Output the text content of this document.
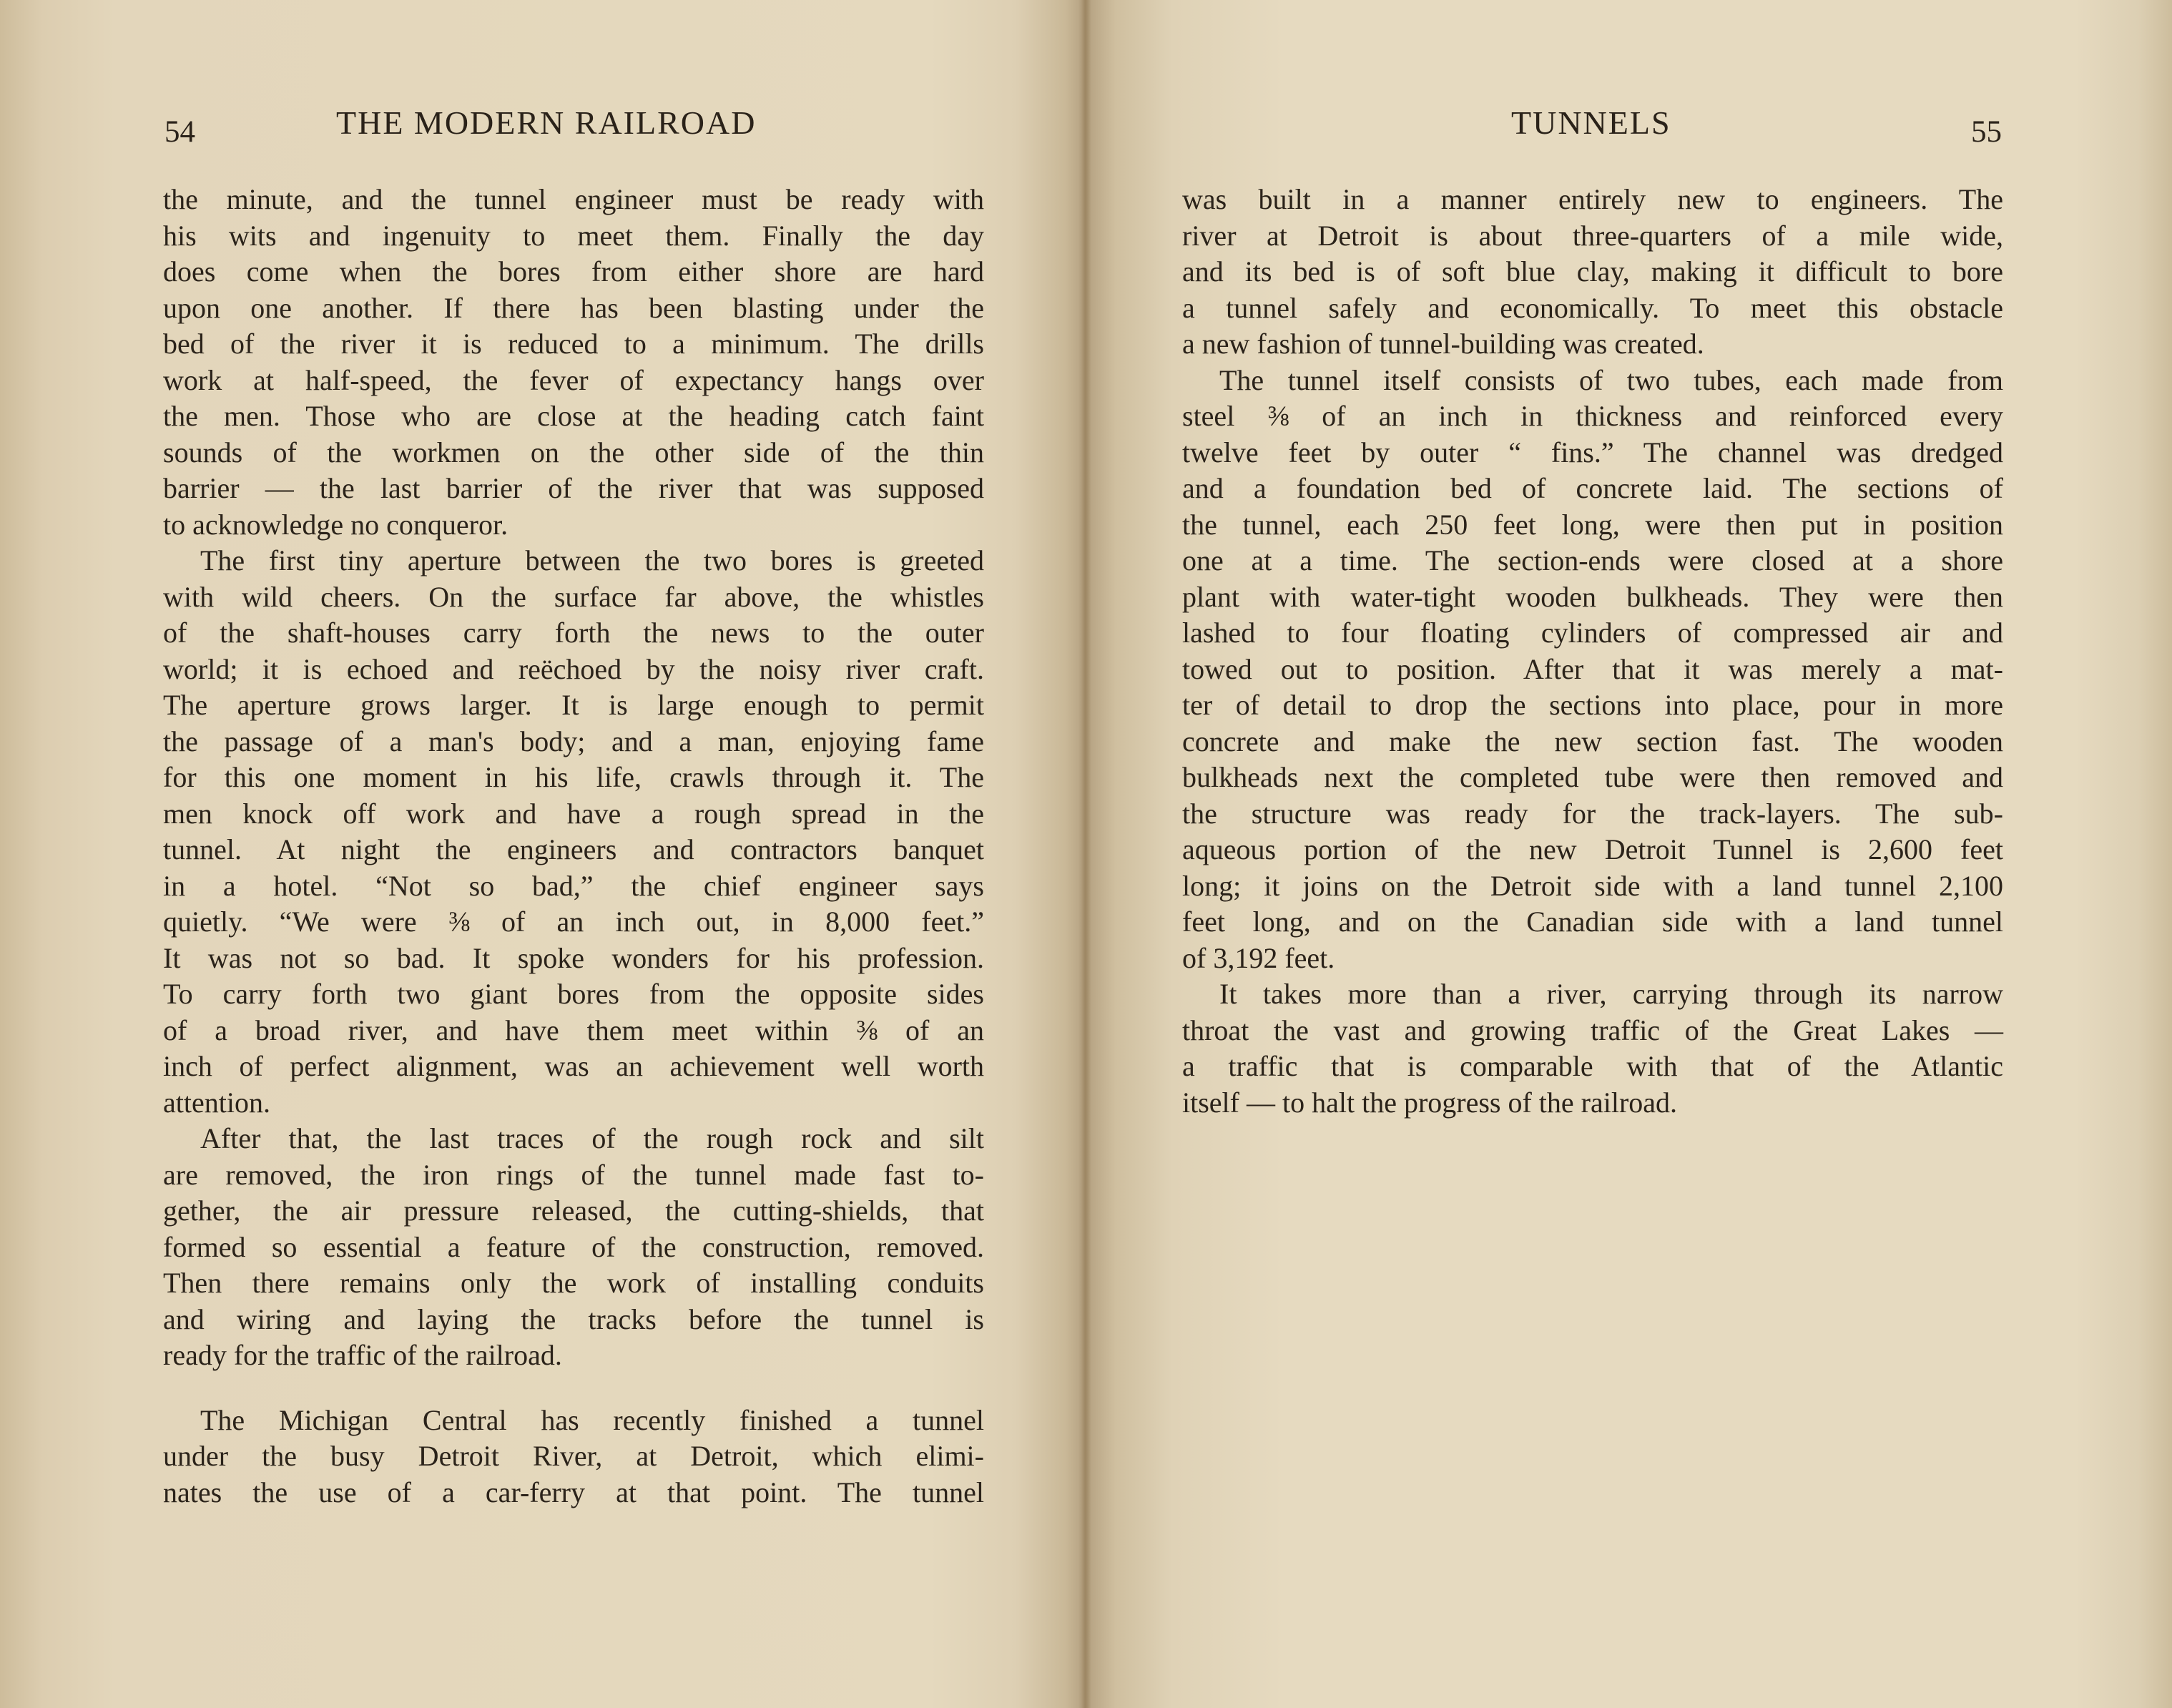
54	THE MODERN RAILROAD
the minute, and the tunnel engineer must be ready with
his wits and ingenuity to meet them. Finally the day
does come when the bores from either shore are hard
upon one another. If there has been blasting under the
bed of the river it is reduced to a minimum. The drills
work at half-speed, the fever of expectancy hangs over
the men. Those who are close at the heading catch faint
sounds of the workmen on the other side of the thin
barrier — the last barrier of the river that was supposed
to acknowledge no conqueror.
The first tiny aperture between the two bores is greeted
with wild cheers. On the surface far above, the whistles
of the shaft-houses carry forth the news to the outer
world; it is echoed and reëchoed by the noisy river craft.
The aperture grows larger. It is large enough to permit
the passage of a man's body; and a man, enjoying fame
for this one moment in his life, crawls through it. The
men knock off work and have a rough spread in the
tunnel. At night the engineers and contractors banquet
in a hotel. “Not so bad,” the chief engineer says
quietly. “We were ⅜ of an inch out, in 8,000 feet.”
It was not so bad. It spoke wonders for his profession.
To carry forth two giant bores from the opposite sides
of a broad river, and have them meet within ⅜ of an
inch of perfect alignment, was an achievement well worth
attention.
After that, the last traces of the rough rock and silt
are removed, the iron rings of the tunnel made fast to-
gether, the air pressure released, the cutting-shields, that
formed so essential a feature of the construction, removed.
Then there remains only the work of installing conduits
and wiring and laying the tracks before the tunnel is
ready for the traffic of the railroad.
The Michigan Central has recently finished a tunnel
under the busy Detroit River, at Detroit, which elimi-
nates the use of a car-ferry at that point. The tunnel
TUNNELS	55
was built in a manner entirely new to engineers. The
river at Detroit is about three-quarters of a mile wide,
and its bed is of soft blue clay, making it difficult to bore
a tunnel safely and economically. To meet this obstacle
a new fashion of tunnel-building was created.
The tunnel itself consists of two tubes, each made from
steel ⅜ of an inch in thickness and reinforced every
twelve feet by outer “ fins.” The channel was dredged
and a foundation bed of concrete laid. The sections of
the tunnel, each 250 feet long, were then put in position
one at a time. The section-ends were closed at a shore
plant with water-tight wooden bulkheads. They were then
lashed to four floating cylinders of compressed air and
towed out to position. After that it was merely a mat-
ter of detail to drop the sections into place, pour in more
concrete and make the new section fast. The wooden
bulkheads next the completed tube were then removed and
the structure was ready for the track-layers. The sub-
aqueous portion of the new Detroit Tunnel is 2,600 feet
long; it joins on the Detroit side with a land tunnel 2,100
feet long, and on the Canadian side with a land tunnel
of 3,192 feet.
It takes more than a river, carrying through its narrow
throat the vast and growing traffic of the Great Lakes —
a traffic that is comparable with that of the Atlantic
itself — to halt the progress of the railroad.
